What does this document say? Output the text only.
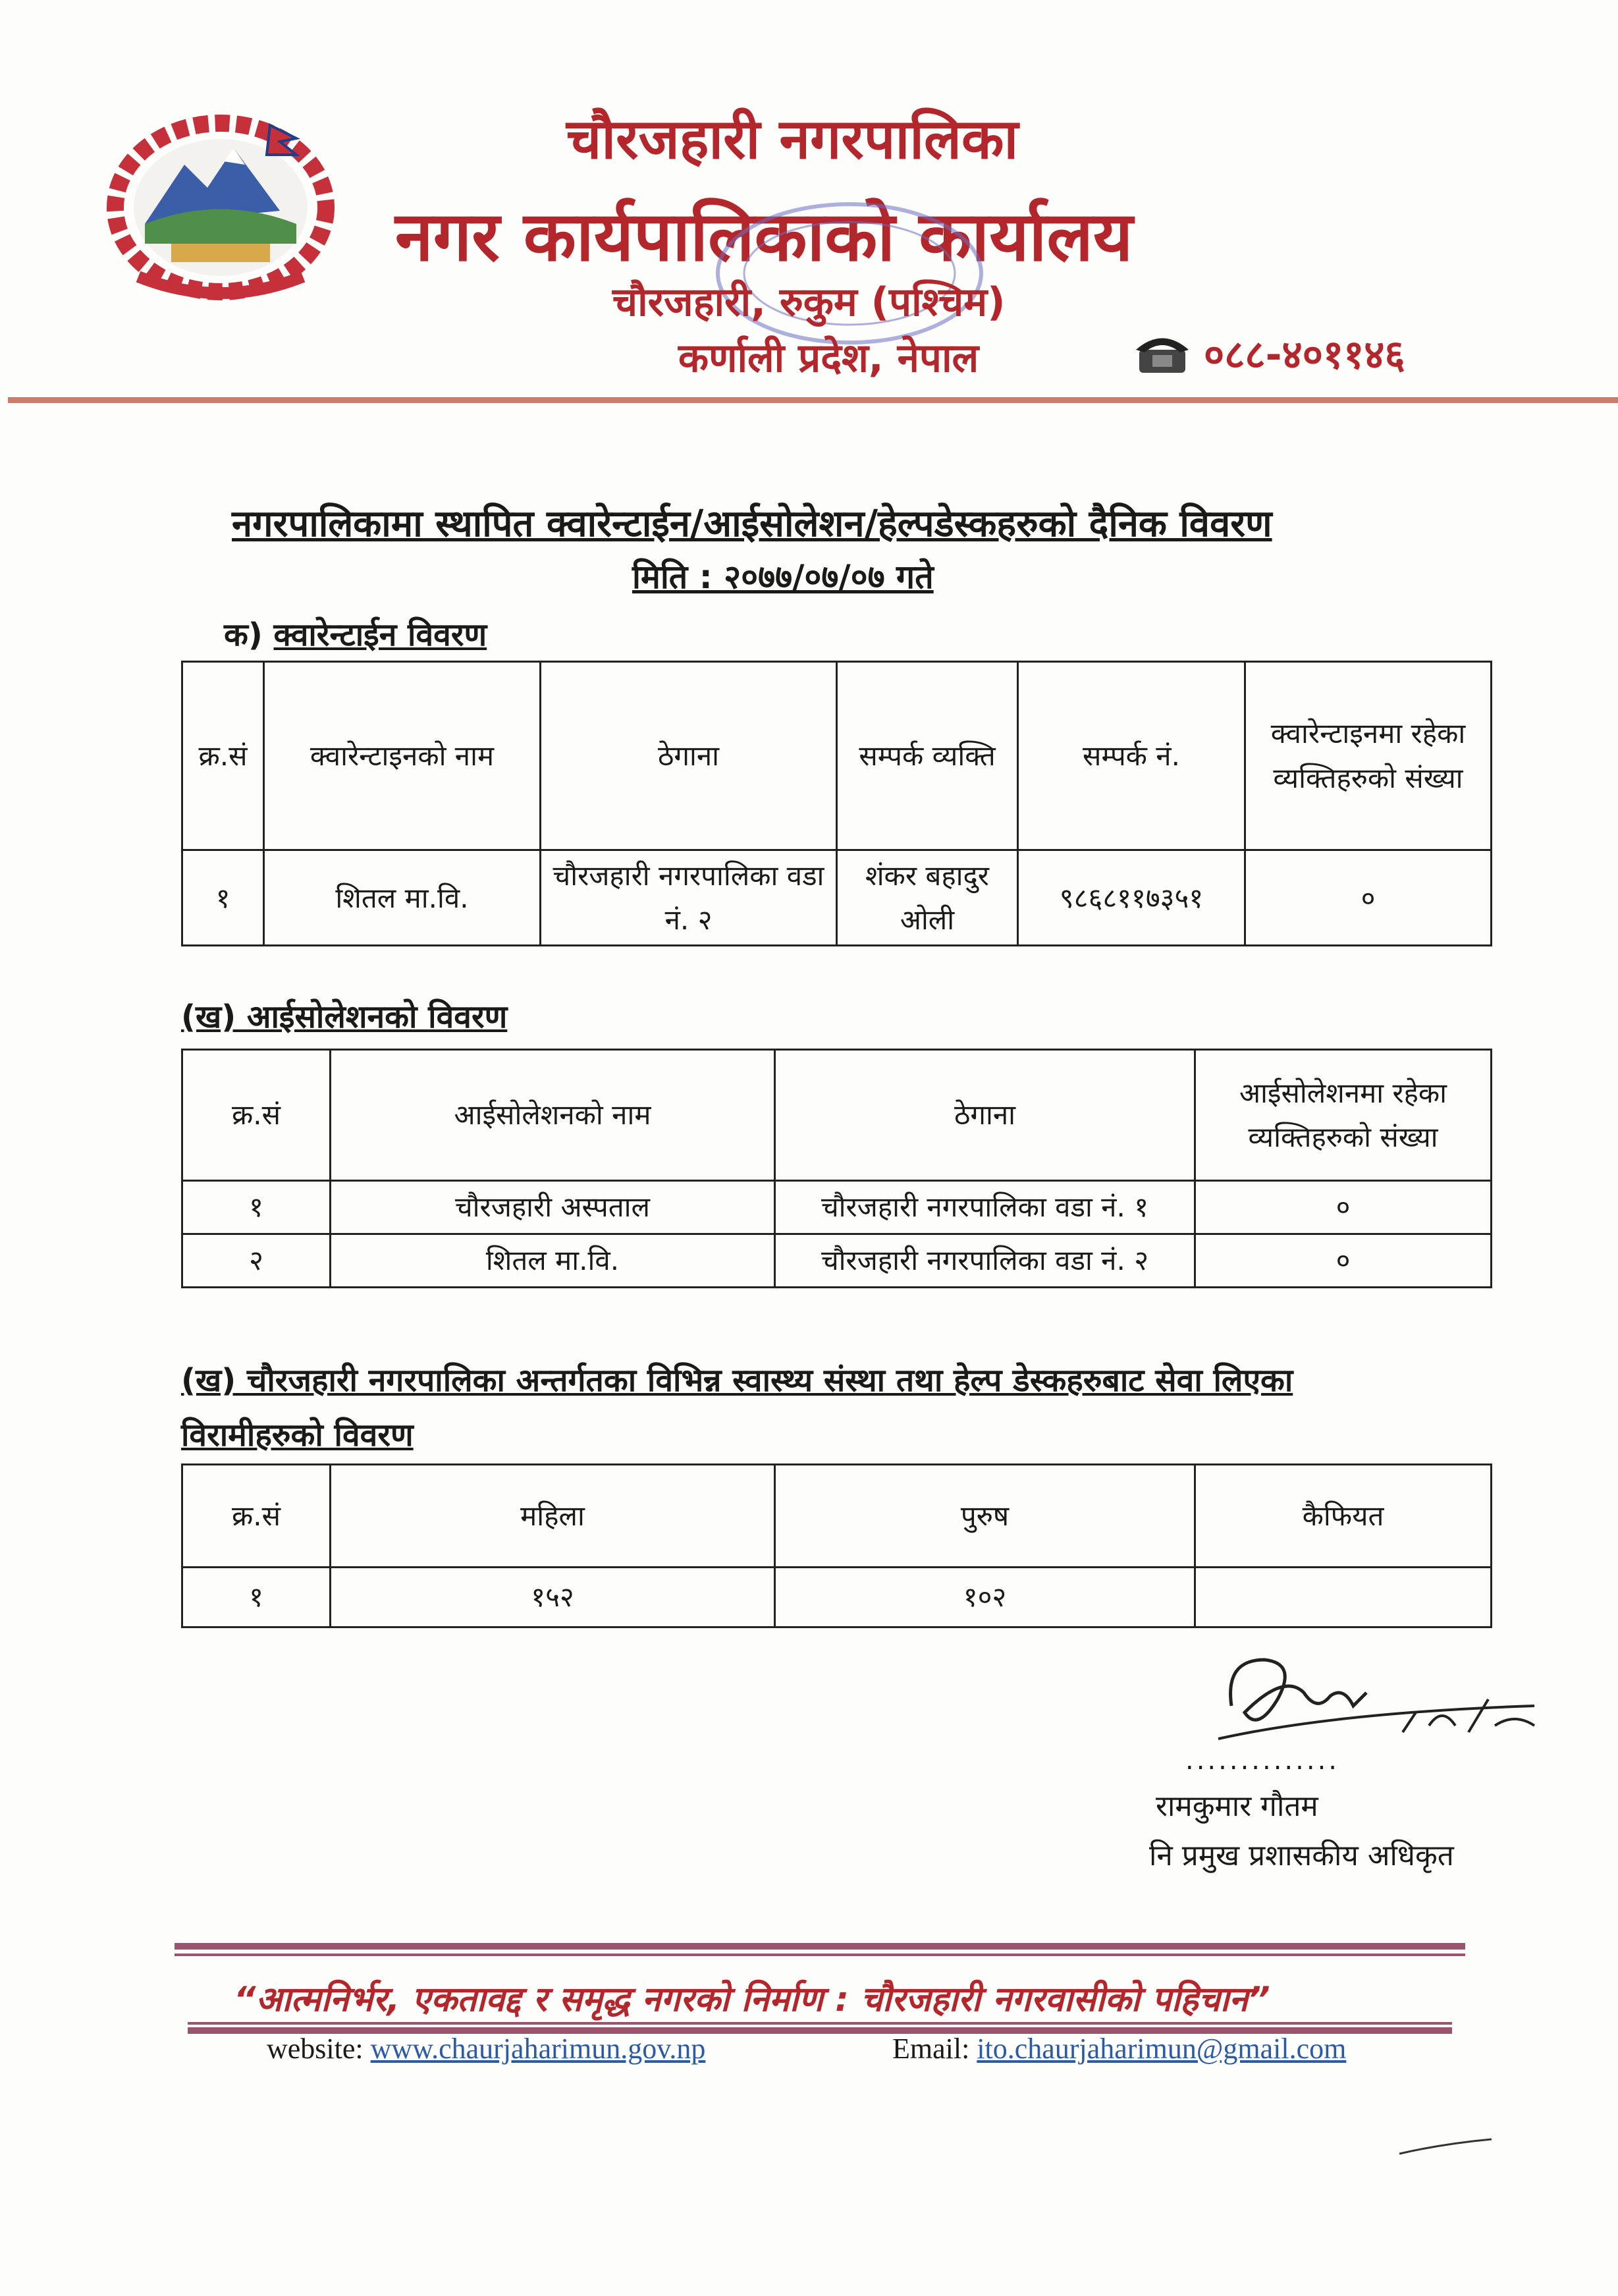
चौरजहारी नगरपालिका
नगर कार्यपालिकाको कार्यालय
चौरजहारी, रुकुम (पश्चिम)
कर्णाली प्रदेश, नेपाल	०८८-४०११४६
नगरपालिकामा स्थापित क्वारेन्टाईन/आईसोलेशन/हेल्पडेस्कहरुको दैनिक विवरण
मिति : २०७७/०७/०७ गते
क) क्वारेन्टाईन विवरण
क्र.सं	क्वारेन्टाइनको नाम	ठेगाना	सम्पर्क व्यक्ति	सम्पर्क नं.	क्वारेन्टाइनमा रहेका व्यक्तिहरुको संख्या
१	शितल मा.वि.	चौरजहारी नगरपालिका वडा नं. २	शंकर बहादुर ओली	९८६८११७३५१	०
(ख) आईसोलेशनको विवरण
क्र.सं	आईसोलेशनको नाम	ठेगाना	आईसोलेशनमा रहेका व्यक्तिहरुको संख्या
१	चौरजहारी अस्पताल	चौरजहारी नगरपालिका वडा नं. १	०
२	शितल मा.वि.	चौरजहारी नगरपालिका वडा नं. २	०
(ख) चौरजहारी नगरपालिका अन्तर्गतका विभिन्न स्वास्थ्य संस्था तथा हेल्प डेस्कहरुबाट सेवा लिएका
विरामीहरुको विवरण
क्र.सं	महिला	पुरुष	कैफियत
१	१५२	१०२	
..............
रामकुमार गौतम
नि प्रमुख प्रशासकीय अधिकृत
“आत्मनिर्भर, एकतावद्द र समृद्ध नगरको निर्माण : चौरजहारी नगरवासीको पहिचान”
website: www.chaurjaharimun.gov.np	Email: ito.chaurjaharimun@gmail.com
